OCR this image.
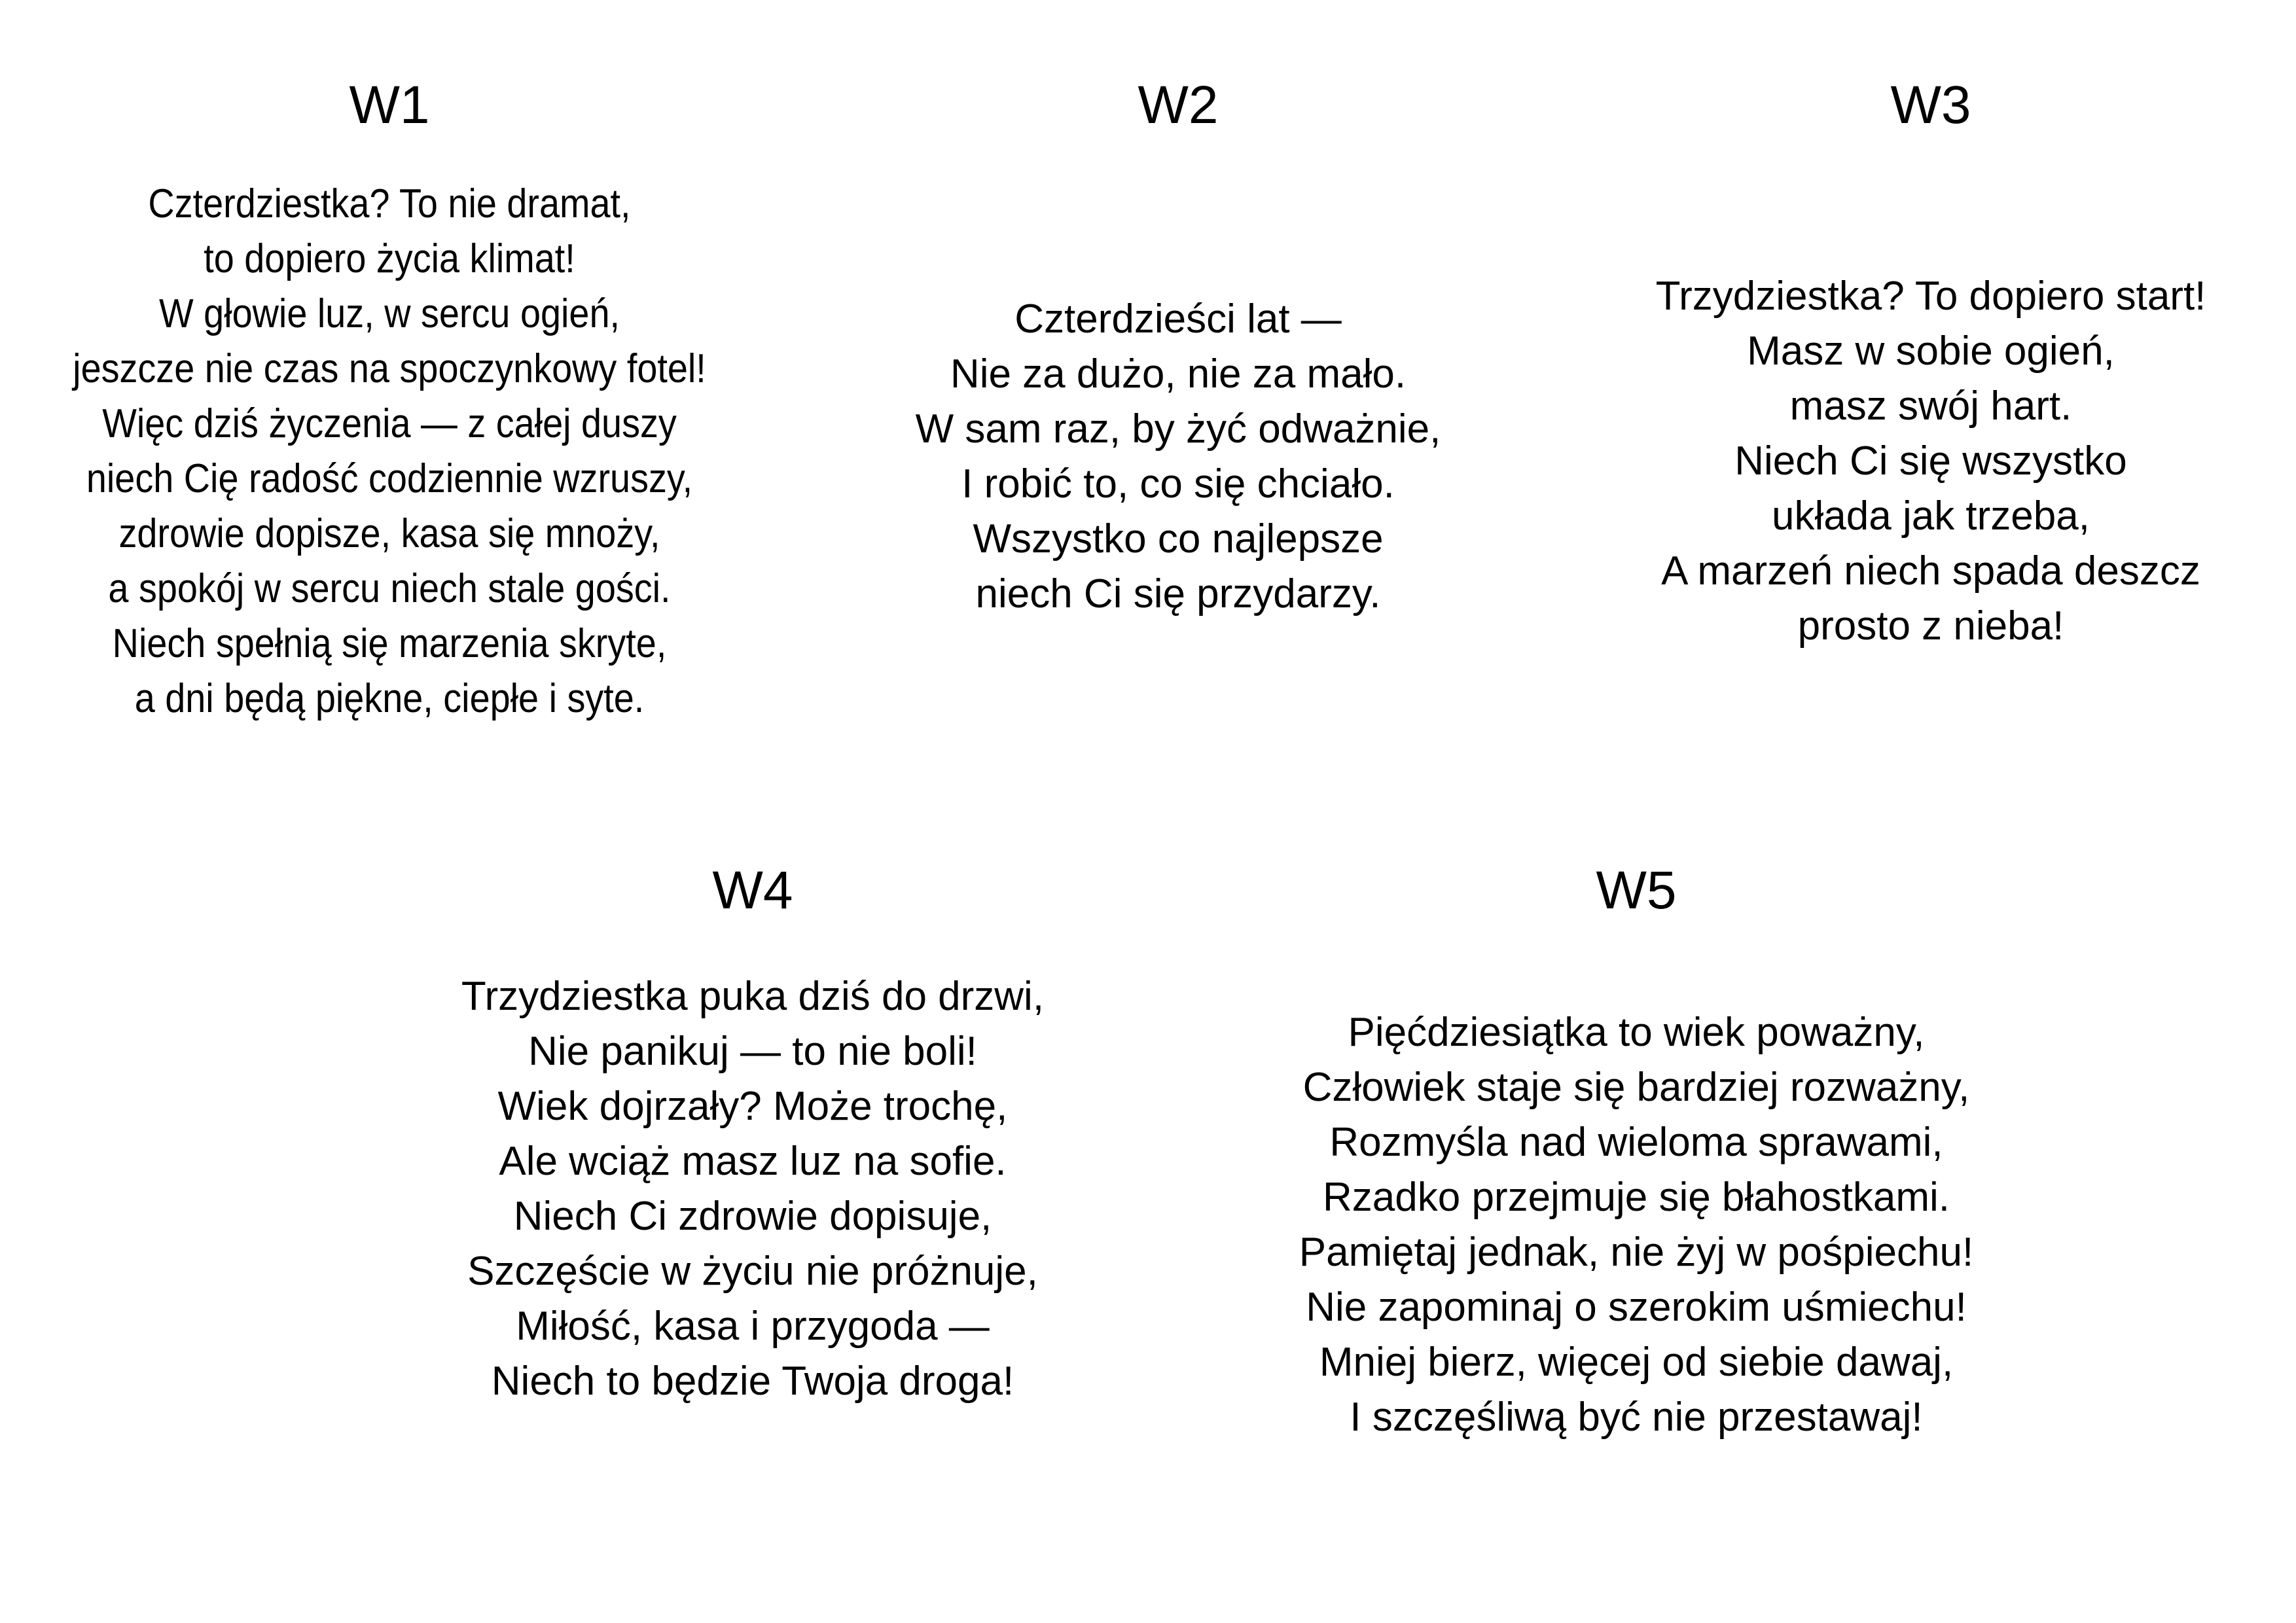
W1
Czterdziestka? To nie dramat,
to dopiero życia klimat!
W głowie luz, w sercu ogień,
jeszcze nie czas na spoczynkowy fotel!
Więc dziś życzenia — z całej duszy
niech Cię radość codziennie wzruszy,
zdrowie dopisze, kasa się mnoży,
a spokój w sercu niech stale gości.
Niech spełnią się marzenia skryte,
a dni będą piękne, ciepłe i syte.
W2
Czterdzieści lat —
Nie za dużo, nie za mało.
W sam raz, by żyć odważnie,
I robić to, co się chciało.
Wszystko co najlepsze
niech Ci się przydarzy.
W3
Trzydziestka? To dopiero start!
Masz w sobie ogień,
masz swój hart.
Niech Ci się wszystko
układa jak trzeba,
A marzeń niech spada deszcz
prosto z nieba!
W4
Trzydziestka puka dziś do drzwi,
Nie panikuj — to nie boli!
Wiek dojrzały? Może trochę,
Ale wciąż masz luz na sofie.
Niech Ci zdrowie dopisuje,
Szczęście w życiu nie próżnuje,
Miłość, kasa i przygoda —
Niech to będzie Twoja droga!
W5
Pięćdziesiątka to wiek poważny,
Człowiek staje się bardziej rozważny,
Rozmyśla nad wieloma sprawami,
Rzadko przejmuje się błahostkami.
Pamiętaj jednak, nie żyj w pośpiechu!
Nie zapominaj o szerokim uśmiechu!
Mniej bierz, więcej od siebie dawaj,
I szczęśliwą być nie przestawaj!
